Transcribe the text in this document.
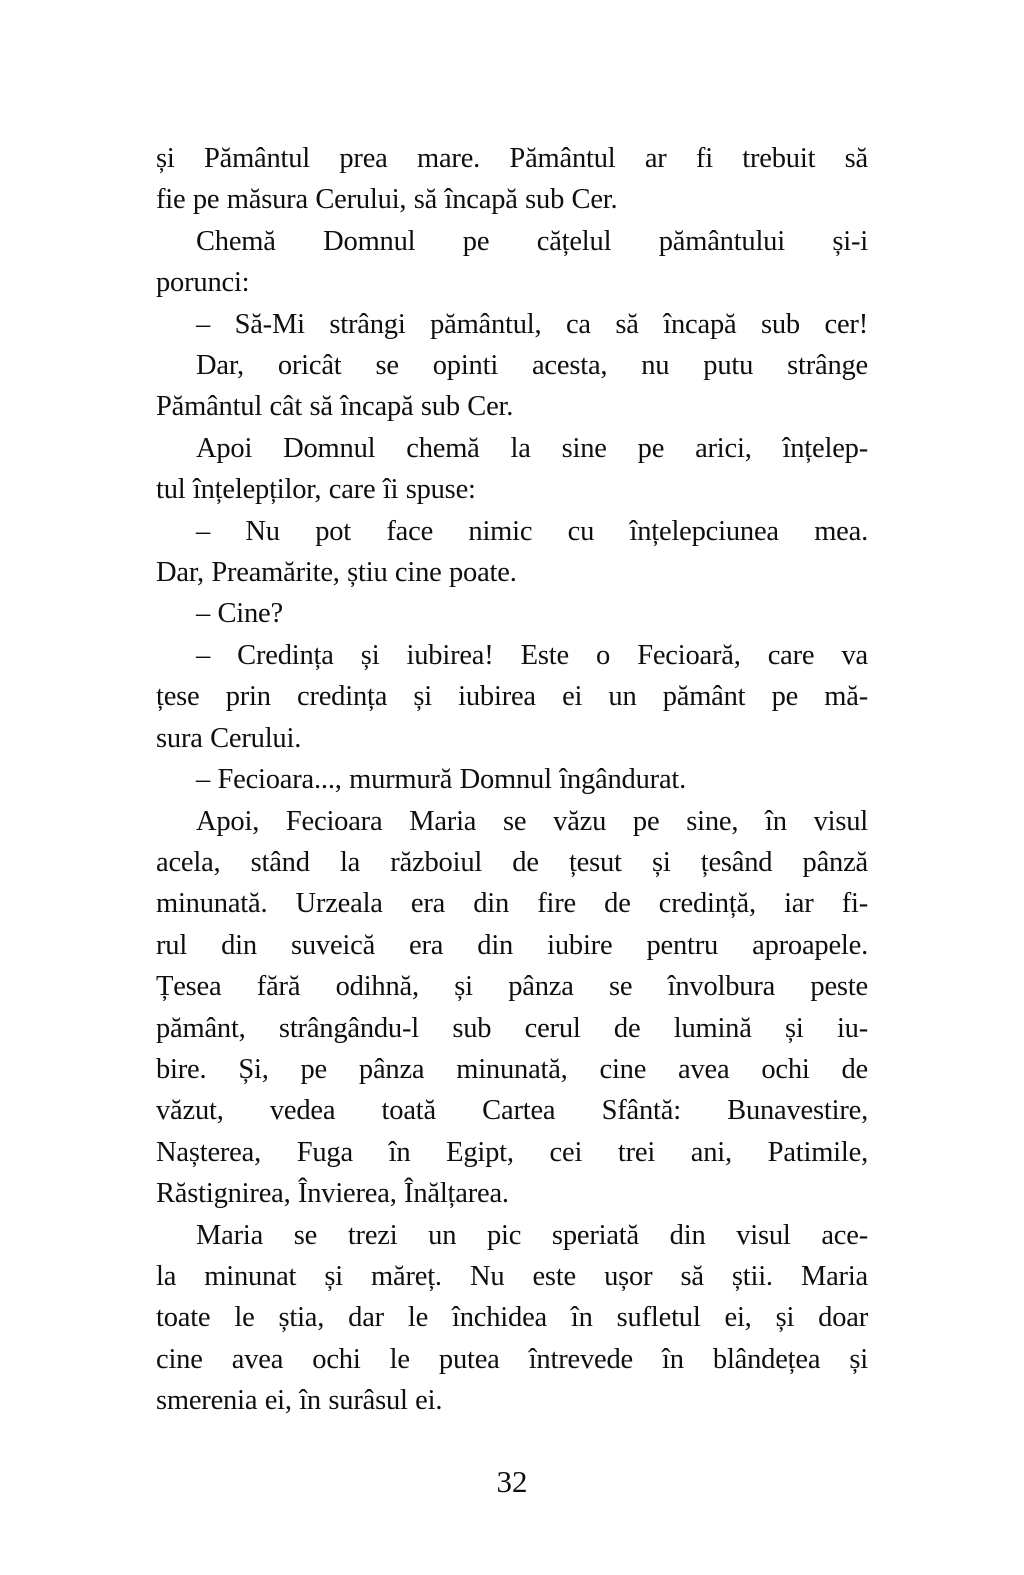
și Pământul prea mare. Pământul ar fi trebuit să
fie pe măsura Cerului, să încapă sub Cer.
Chemă Domnul pe cățelul pământului și-i
porunci:
– Să-Mi strângi pământul, ca să încapă sub cer!
Dar, oricât se opinti acesta, nu putu strânge
Pământul cât să încapă sub Cer.
Apoi Domnul chemă la sine pe arici, înțelep-
tul înțelepților, care îi spuse:
– Nu pot face nimic cu înțelepciunea mea.
Dar, Preamărite, știu cine poate.
– Cine?
– Credința și iubirea! Este o Fecioară, care va
țese prin credința și iubirea ei un pământ pe mă-
sura Cerului.
– Fecioara..., murmură Domnul îngândurat.
Apoi, Fecioara Maria se văzu pe sine, în visul
acela, stând la războiul de țesut și țesând pânză
minunată. Urzeala era din fire de credință, iar fi-
rul din suveică era din iubire pentru aproapele.
Țesea fără odihnă, și pânza se învolbura peste
pământ, strângându-l sub cerul de lumină și iu-
bire. Și, pe pânza minunată, cine avea ochi de
văzut, vedea toată Cartea Sfântă: Bunavestire,
Nașterea, Fuga în Egipt, cei trei ani, Patimile,
Răstignirea, Învierea, Înălțarea.
Maria se trezi un pic speriată din visul ace-
la minunat și măreț. Nu este ușor să știi. Maria
toate le știa, dar le închidea în sufletul ei, și doar
cine avea ochi le putea întrevede în blândețea și
smerenia ei, în surâsul ei.
32
